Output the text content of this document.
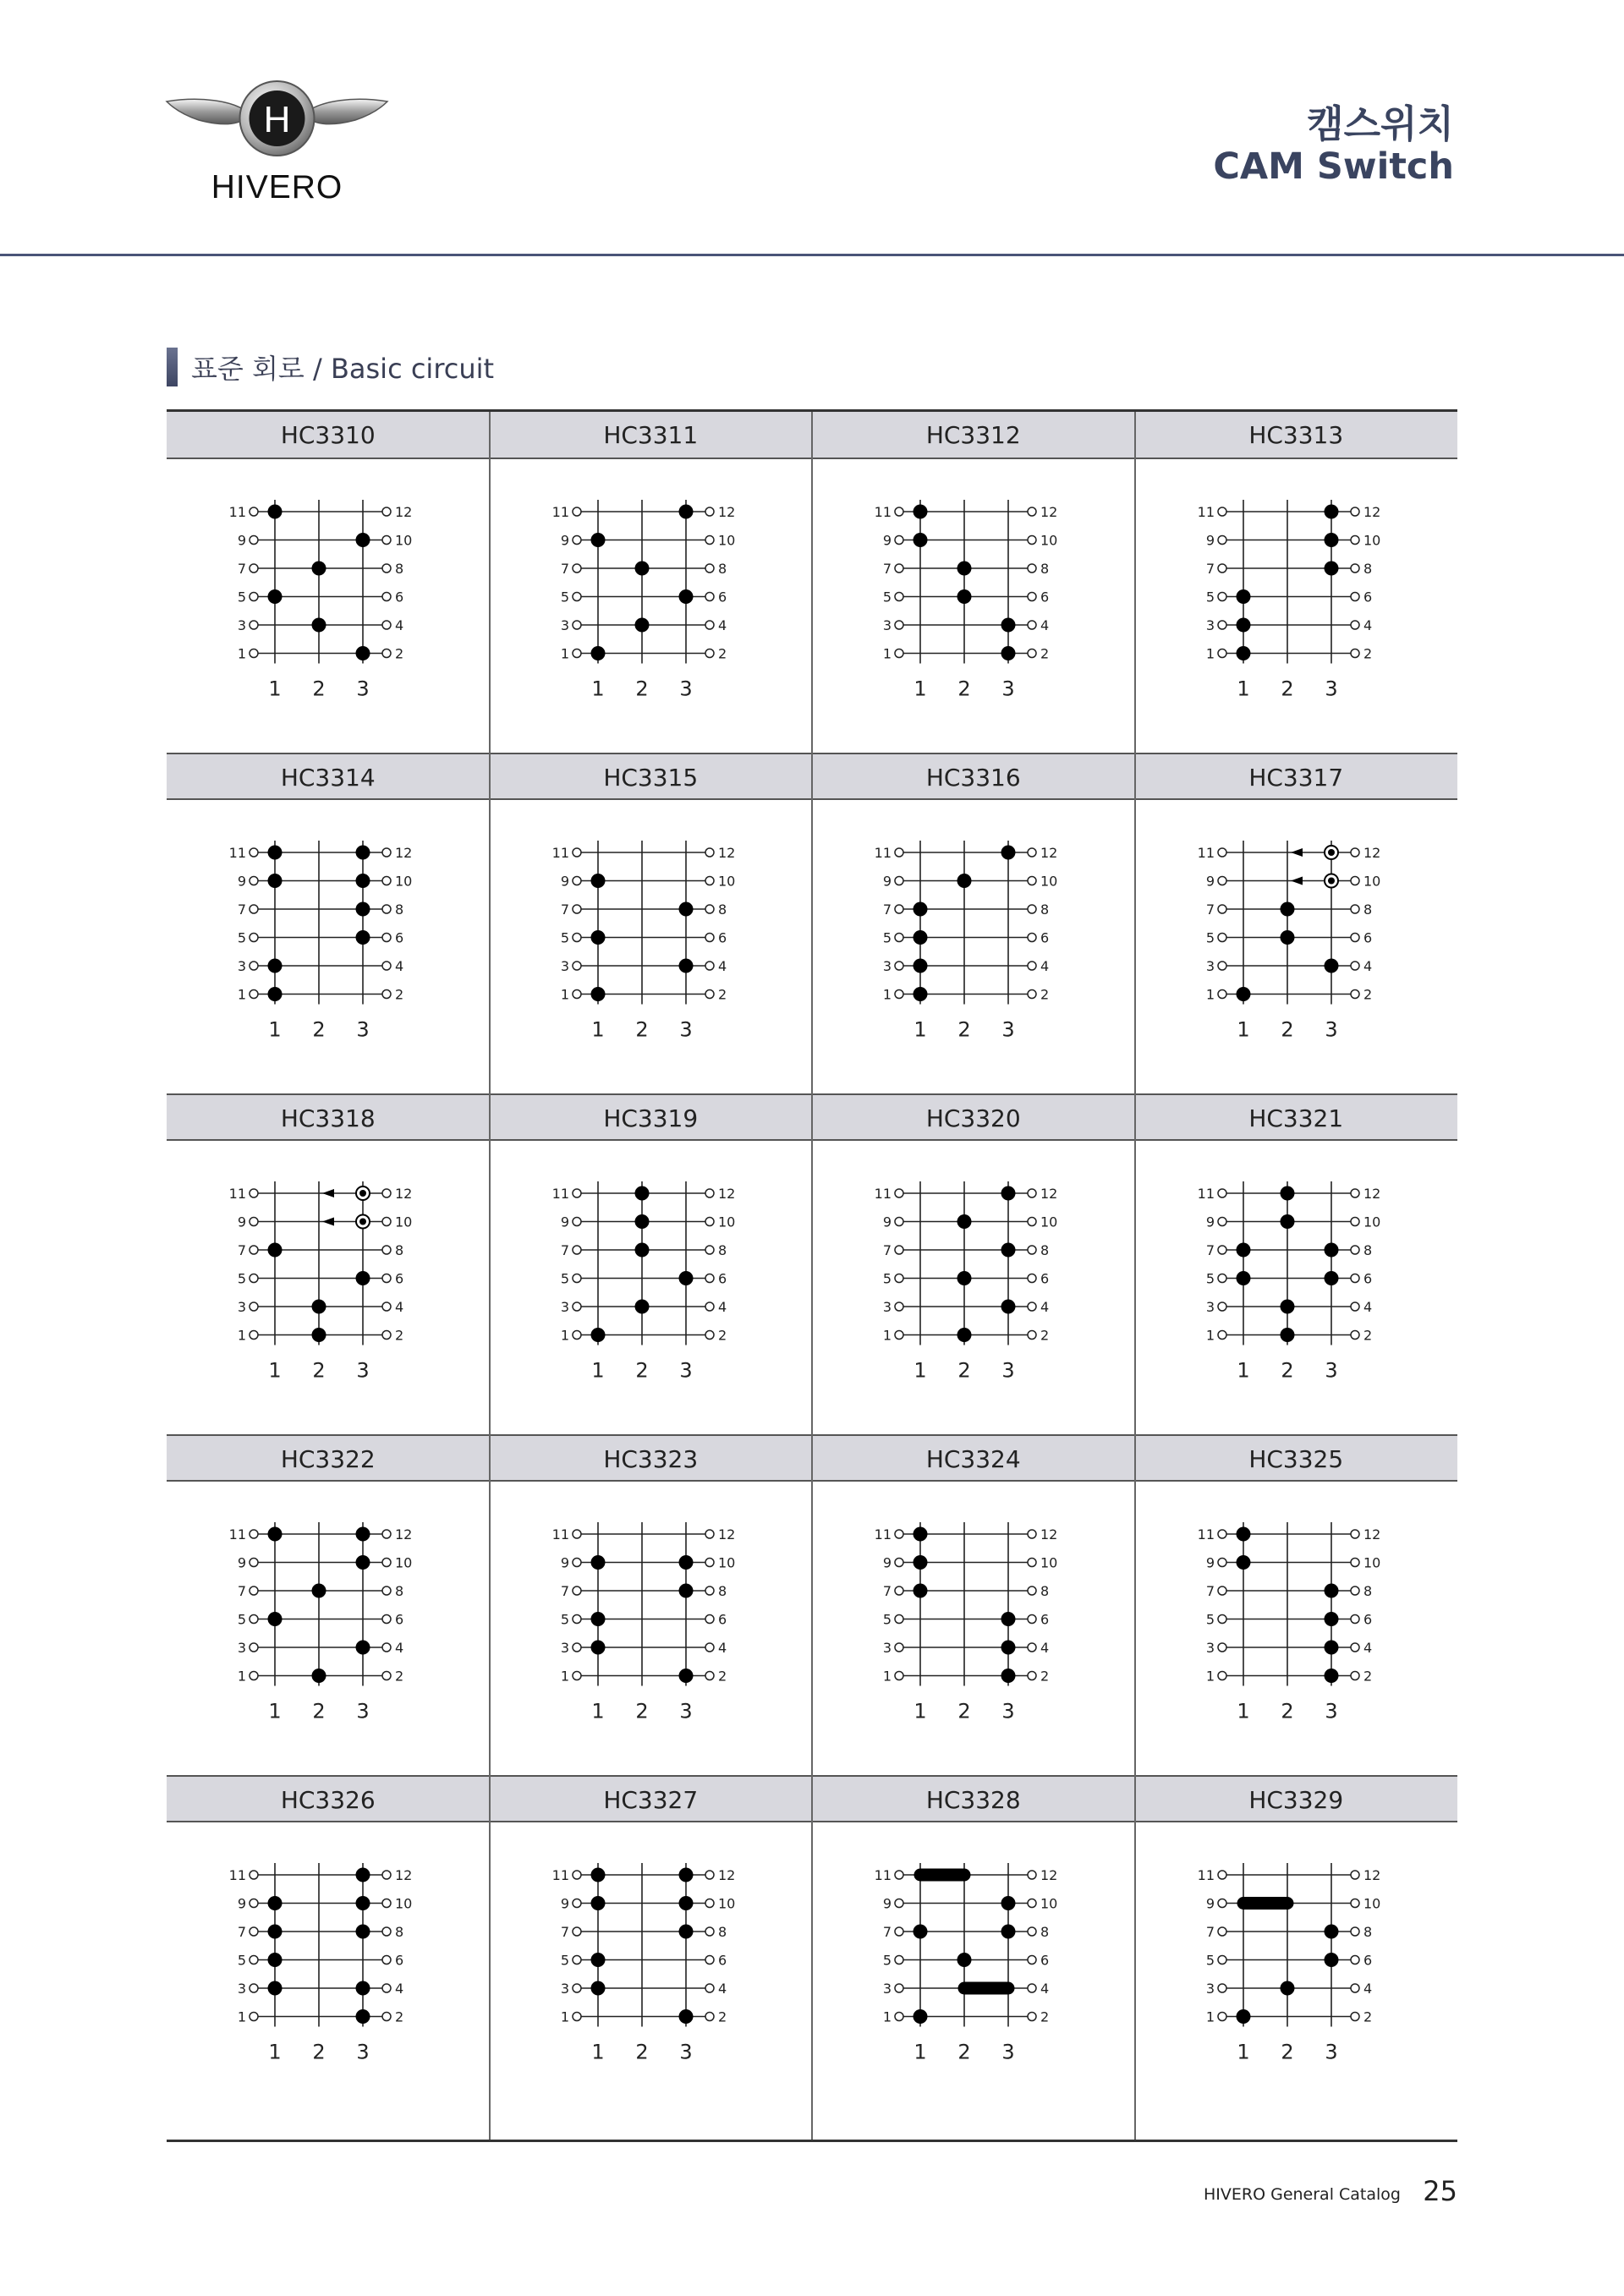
H
HIVERO
캠스위치
CAM Switch
표준 회로 / Basic circuit
HC3310
11	12
9	10
7	8
5	6
3	4
1	2
1 2 3
HC3311
11	12
9	10
7	8
5	6
3	4
1	2
1 2 3
HC3312
11	12
9	10
7	8
5	6
3	4
1	2
1 2 3
HC3313
11	12
9	10
7	8
5	6
3	4
1	2
1 2 3
HC3314
11	12
9	10
7	8
5	6
3	4
1	2
1 2 3
HC3315
11	12
9	10
7	8
5	6
3	4
1	2
1 2 3
HC3316
11	12
9	10
7	8
5	6
3	4
1	2
1 2 3
HC3317
11	12
9	10
7	8
5	6
3	4
1	2
1 2 3
HC3318
11	12
9	10
7	8
5	6
3	4
1	2
1 2 3
HC3319
11	12
9	10
7	8
5	6
3	4
1	2
1 2 3
HC3320
11	12
9	10
7	8
5	6
3	4
1	2
1 2 3
HC3321
11	12
9	10
7	8
5	6
3	4
1	2
1 2 3
HC3322
11	12
9	10
7	8
5	6
3	4
1	2
1 2 3
HC3323
11	12
9	10
7	8
5	6
3	4
1	2
1 2 3
HC3324
11	12
9	10
7	8
5	6
3	4
1	2
1 2 3
HC3325
11	12
9	10
7	8
5	6
3	4
1	2
1 2 3
HC3326
11	12
9	10
7	8
5	6
3	4
1	2
1 2 3
HC3327
11	12
9	10
7	8
5	6
3	4
1	2
1 2 3
HC3328
11	12
9	10
7	8
5	6
3	4
1	2
1 2 3
HC3329
11	12
9	10
7	8
5	6
3	4
1	2
1 2 3
HIVERO General Catalog 25
